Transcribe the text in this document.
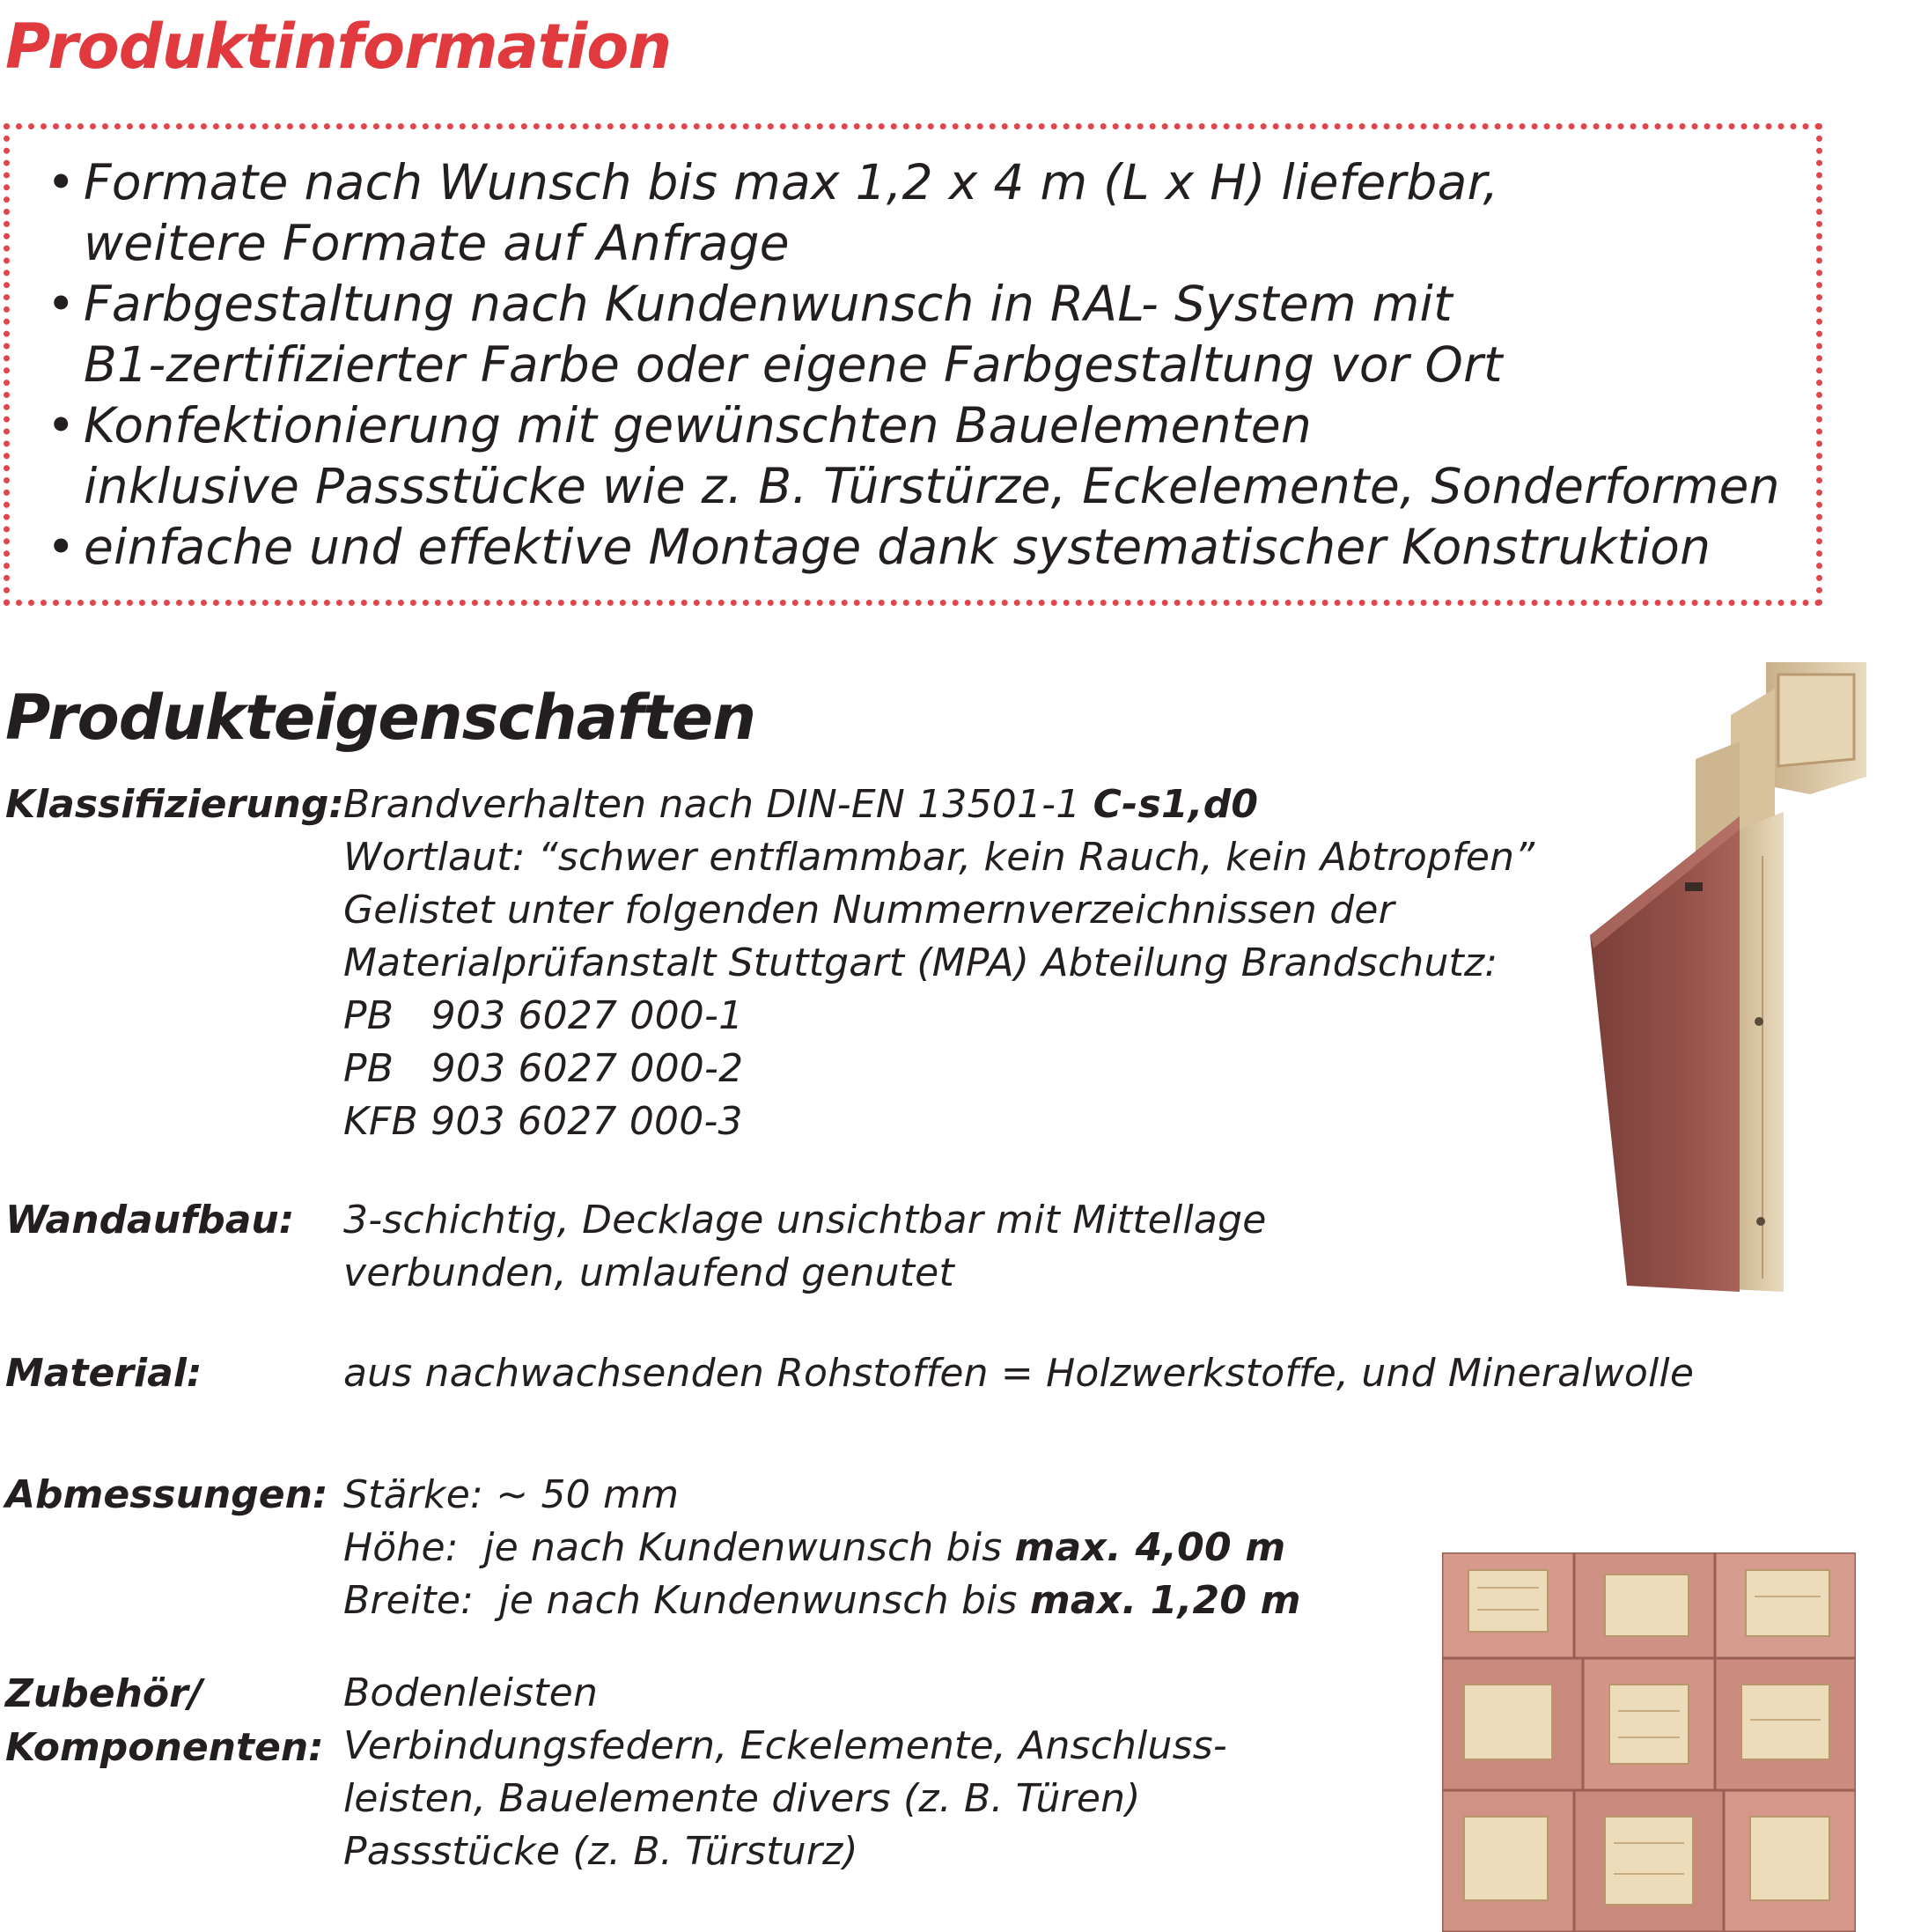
Produktinformation
• Formate nach Wunsch bis max 1,2 x 4 m (L x H) lieferbar,
weitere Formate auf Anfrage
• Farbgestaltung nach Kundenwunsch in RAL- System mit
B1-zertifizierter Farbe oder eigene Farbgestaltung vor Ort
• Konfektionierung mit gewünschten Bauelementen
inklusive Passstücke wie z. B. Türstürze, Eckelemente, Sonderformen
• einfache und effektive Montage dank systematischer Konstruktion
Produkteigenschaften
Klassifizierung: Brandverhalten nach DIN-EN 13501-1 C-s1,d0
Wortlaut: “schwer entflammbar, kein Rauch, kein Abtropfen”
Gelistet unter folgenden Nummernverzeichnissen der
Materialprüfanstalt Stuttgart (MPA) Abteilung Brandschutz:
PB   903 6027 000-1
PB   903 6027 000-2
KFB 903 6027 000-3
Wandaufbau:	3-schichtig, Decklage unsichtbar mit Mittellage
verbunden, umlaufend genutet
Material:	aus nachwachsenden Rohstoffen = Holzwerkstoffe, und Mineralwolle
Abmessungen: Stärke: ~ 50 mm
Höhe:  je nach Kundenwunsch bis max. 4,00 m
Breite:  je nach Kundenwunsch bis max. 1,20 m
Zubehör/
Komponenten:
Bodenleisten
Verbindungsfedern, Eckelemente, Anschluss-
leisten, Bauelemente divers (z. B. Türen)
Passstücke (z. B. Türsturz)
